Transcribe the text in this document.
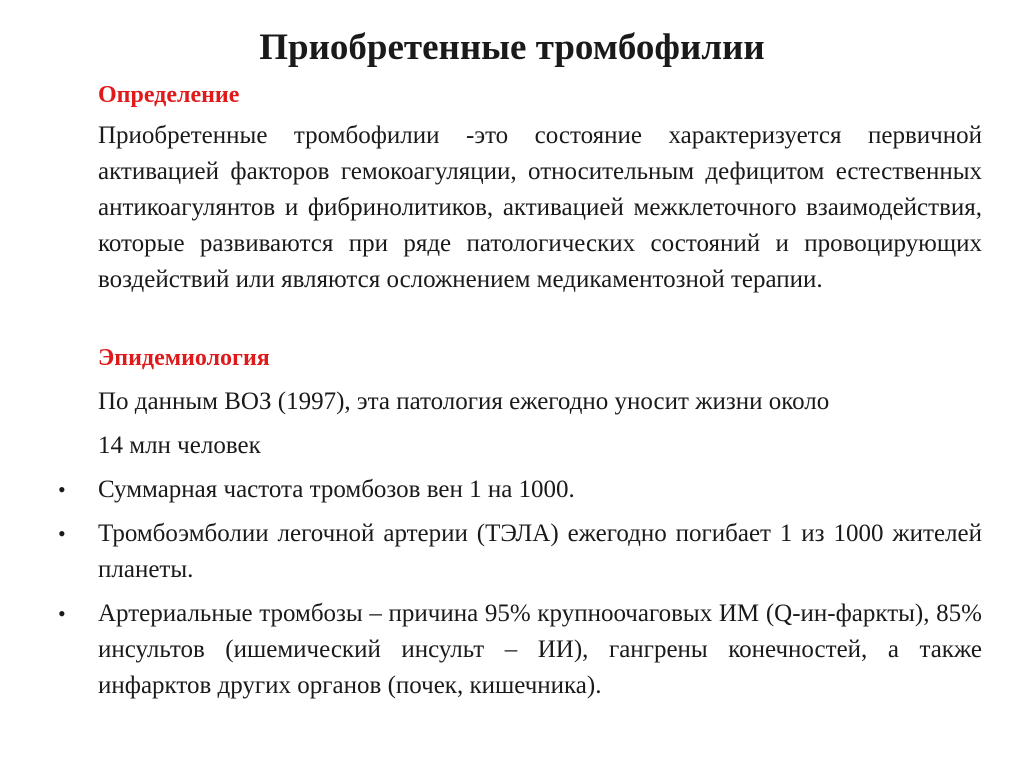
Приобретенные тромбофилии
Определение

Приобретенные тромбофилии -это состояние характеризуется первичной активацией факторов гемокоагуляции, относительным дефицитом естественных антикоагулянтов и фибринолитиков, активацией межклеточного взаимодействия, которые развиваются при ряде патологических состояний и провоцирующих воздействий или являются осложнением медикаментозной терапии.

Эпидемиология

По данным ВОЗ (1997), эта патология ежегодно уносит жизни около

14 млн человек

• Суммарная частота тромбозов вен 1 на 1000.
• Тромбоэмболии легочной артерии (ТЭЛА) ежегодно погибает 1 из 1000 жителей планеты.
• Артериальные тромбозы – причина 95% крупноочаговых ИМ (Q-ин-фаркты), 85% инсультов (ишемический инсульт – ИИ), гангрены конечностей, а также инфарктов других органов (почек, кишечника).
